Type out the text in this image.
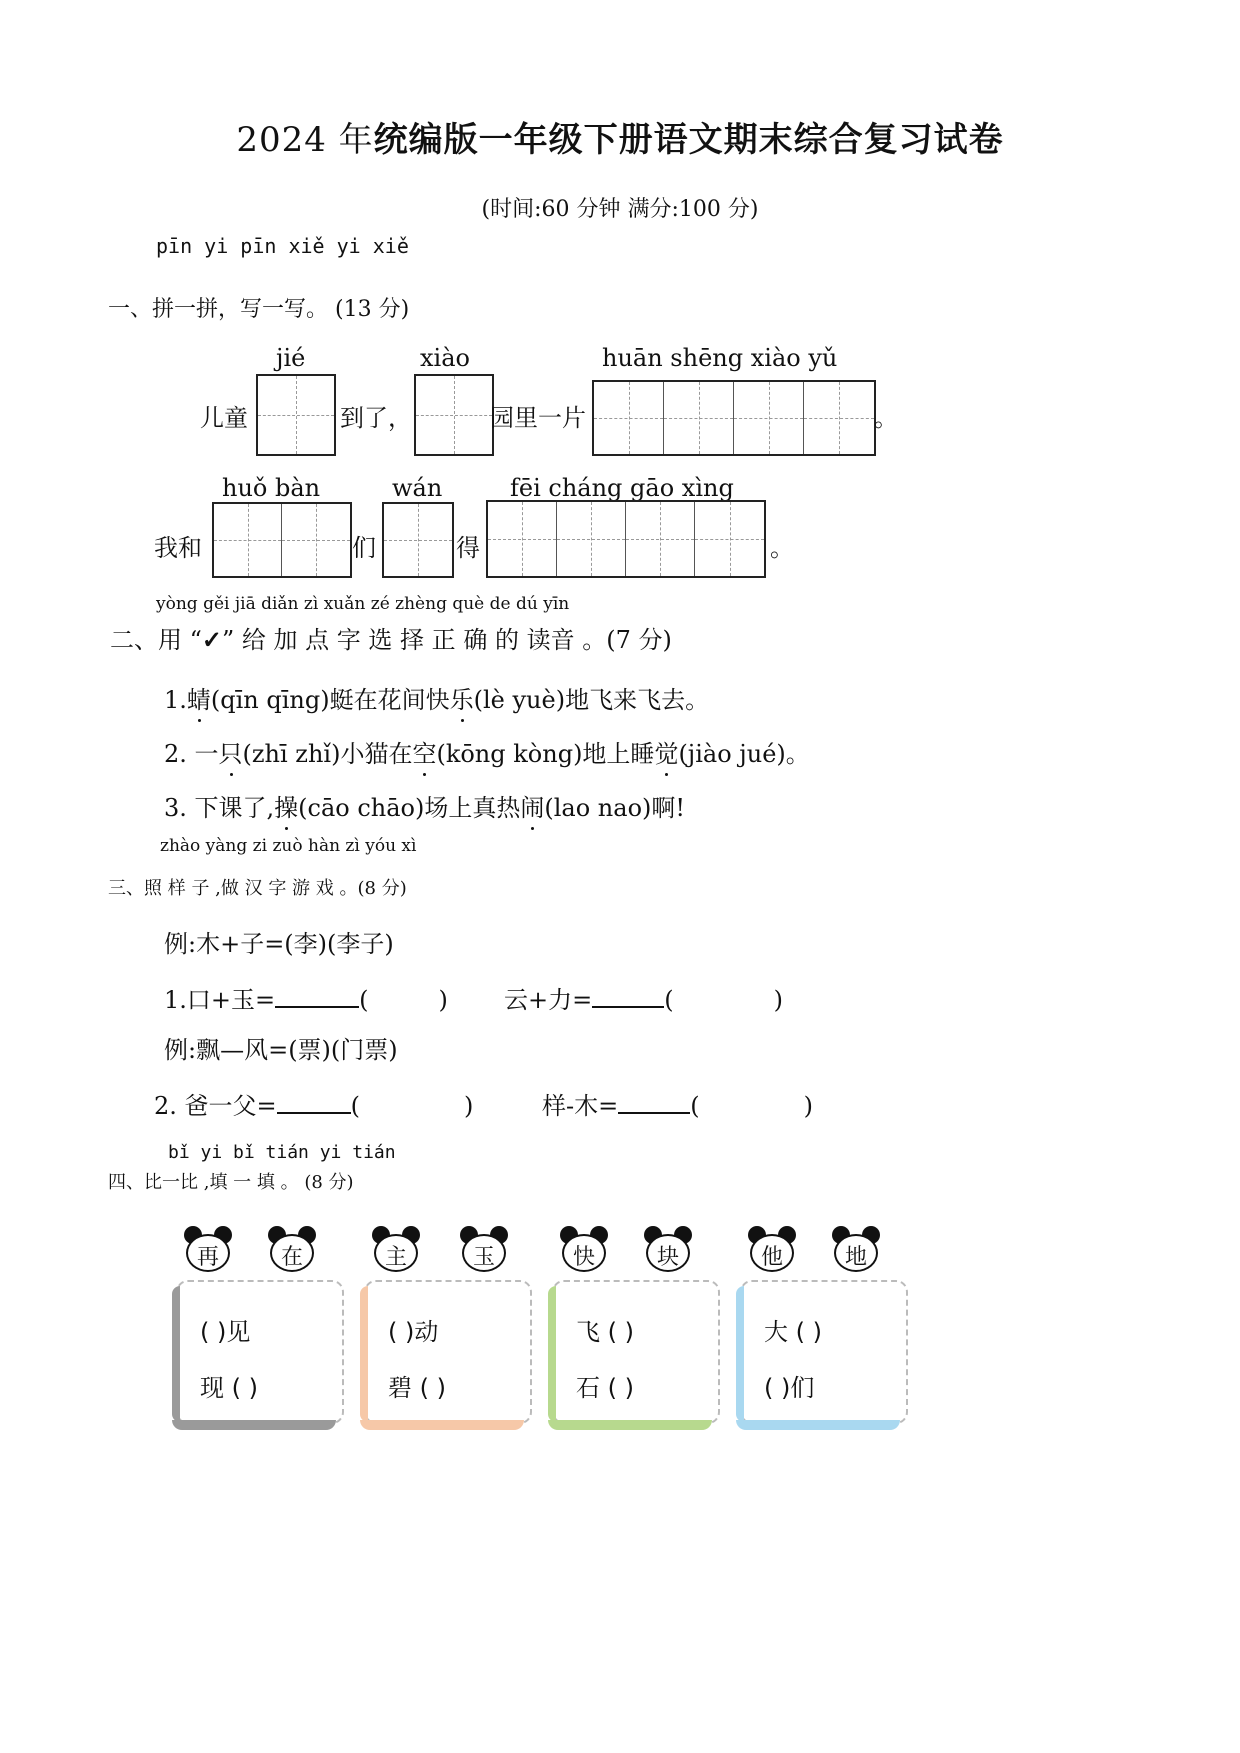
2024 年统编版一年级下册语文期末综合复习试卷
(时间:60 分钟 满分:100 分)
pīn yi pīn xiě yi xiě
一、拼一拼，写一写。 (13 分)
jié	xiào	huān shēng xiào yǔ
儿童	到了，	园里一片	。
huǒ bàn	wán	fēi cháng gāo xìng
我和	们	得	。
yòng gěi jiā diǎn zì xuǎn zé zhèng què de dú yīn
二、用 “✓” 给 加 点 字 选 择 正 确 的 读音 。(7 分)
1.蜻(qīn qīng)蜓在花间快乐(lè yuè)地飞来飞去。
2. 一只(zhī zhǐ)小猫在空(kōng kòng)地上睡觉(jiào jué)。
3. 下课了,操(cāo chāo)场上真热闹(lao nao)啊!
zhào yàng zi zuò hàn zì yóu xì
三、照 样 子 ,做 汉 字 游 戏 。(8 分)
例:木+子=(李)(李子)
1.口+玉=	(	) 云+力=	(	)
例:飘—风=(票)(门票)
2. 爸一父=	(	)	样-木=	(	)
bǐ yi bǐ tián yi tián
四、比一比 ,填 一 填 。 (8 分)
再	在
( )见
现 ( )
主	玉
( )动
碧 ( )
快	块
飞 ( )
石 ( )
他	地
大 ( )
( )们
